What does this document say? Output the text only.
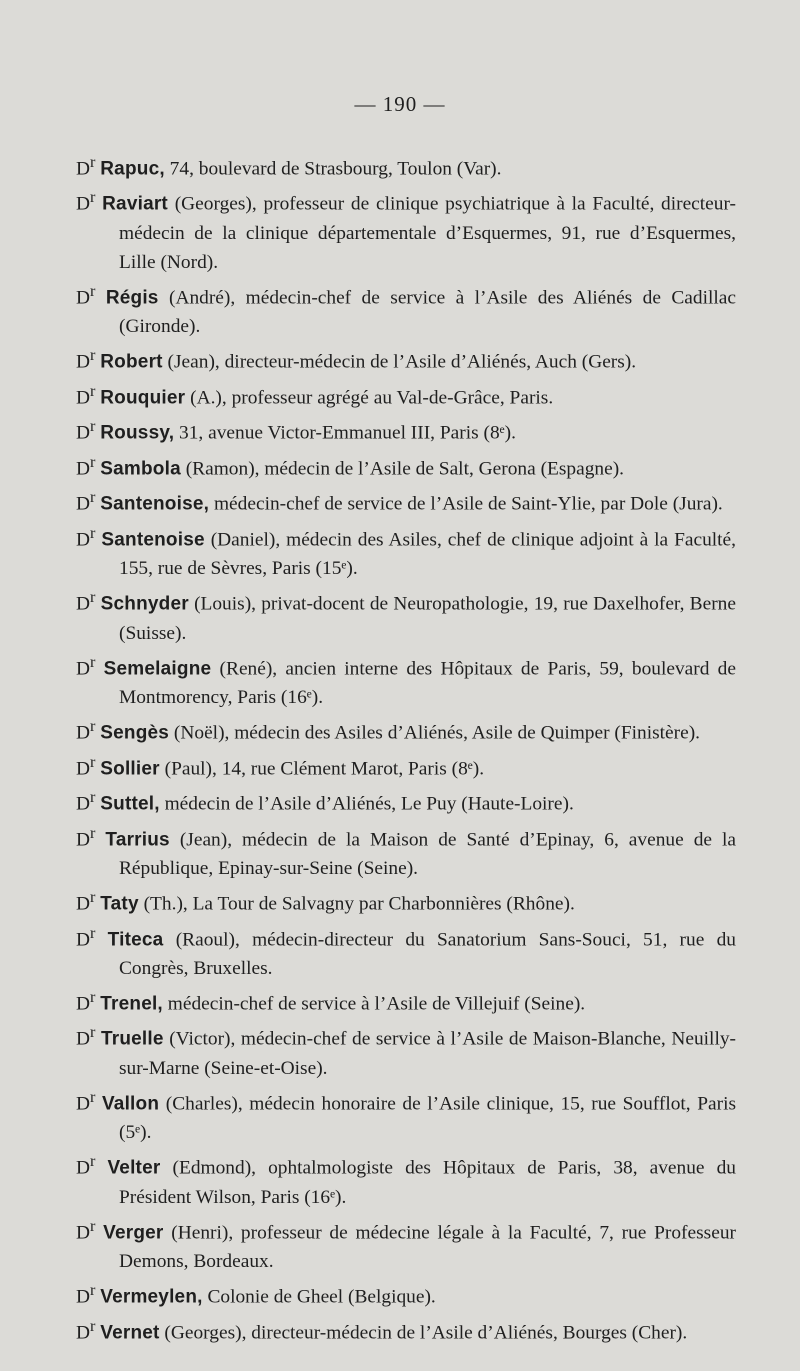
— 190 —
$D^r$ Rapuc, 74, boulevard de Strasbourg, Toulon (Var).
$D^r$ Raviart (Georges), professeur de clinique psychiatrique à la Faculté, directeur-médecin de la clinique départementale d’Esquermes, 91, rue d’Esquermes, Lille (Nord).
$D^r$ Régis (André), médecin-chef de service à l’Asile des Aliénés de Cadillac (Gironde).
$D^r$ Robert (Jean), directeur-médecin de l’Asile d’Aliénés, Auch (Gers).
$D^r$ Rouquier (A.), professeur agrégé au Val-de-Grâce, Paris.
$D^r$ Roussy, 31, avenue Victor-Emmanuel III, Paris (8ᵉ).
$D^r$ Sambola (Ramon), médecin de l’Asile de Salt, Gerona (Espagne).
$D^r$ Santenoise, médecin-chef de service de l’Asile de Saint-Ylie, par Dole (Jura).
$D^r$ Santenoise (Daniel), médecin des Asiles, chef de clinique adjoint à la Faculté, 155, rue de Sèvres, Paris (15ᵉ).
$D^r$ Schnyder (Louis), privat-docent de Neuropathologie, 19, rue Daxelhofer, Berne (Suisse).
$D^r$ Semelaigne (René), ancien interne des Hôpitaux de Paris, 59, boulevard de Montmorency, Paris (16ᵉ).
$D^r$ Sengès (Noël), médecin des Asiles d’Aliénés, Asile de Quimper (Finistère).
$D^r$ Sollier (Paul), 14, rue Clément Marot, Paris (8ᵉ).
$D^r$ Suttel, médecin de l’Asile d’Aliénés, Le Puy (Haute-Loire).
$D^r$ Tarrius (Jean), médecin de la Maison de Santé d’Epinay, 6, avenue de la République, Epinay-sur-Seine (Seine).
$D^r$ Taty (Th.), La Tour de Salvagny par Charbonnières (Rhône).
$D^r$ Titeca (Raoul), médecin-directeur du Sanatorium Sans-Souci, 51, rue du Congrès, Bruxelles.
$D^r$ Trenel, médecin-chef de service à l’Asile de Villejuif (Seine).
$D^r$ Truelle (Victor), médecin-chef de service à l’Asile de Maison-Blanche, Neuilly-sur-Marne (Seine-et-Oise).
$D^r$ Vallon (Charles), médecin honoraire de l’Asile clinique, 15, rue Soufflot, Paris (5ᵉ).
$D^r$ Velter (Edmond), ophtalmologiste des Hôpitaux de Paris, 38, avenue du Président Wilson, Paris (16ᵉ).
$D^r$ Verger (Henri), professeur de médecine légale à la Faculté, 7, rue Professeur Demons, Bordeaux.
$D^r$ Vermeylen, Colonie de Gheel (Belgique).
$D^r$ Vernet (Georges), directeur-médecin de l’Asile d’Aliénés, Bourges (Cher).
